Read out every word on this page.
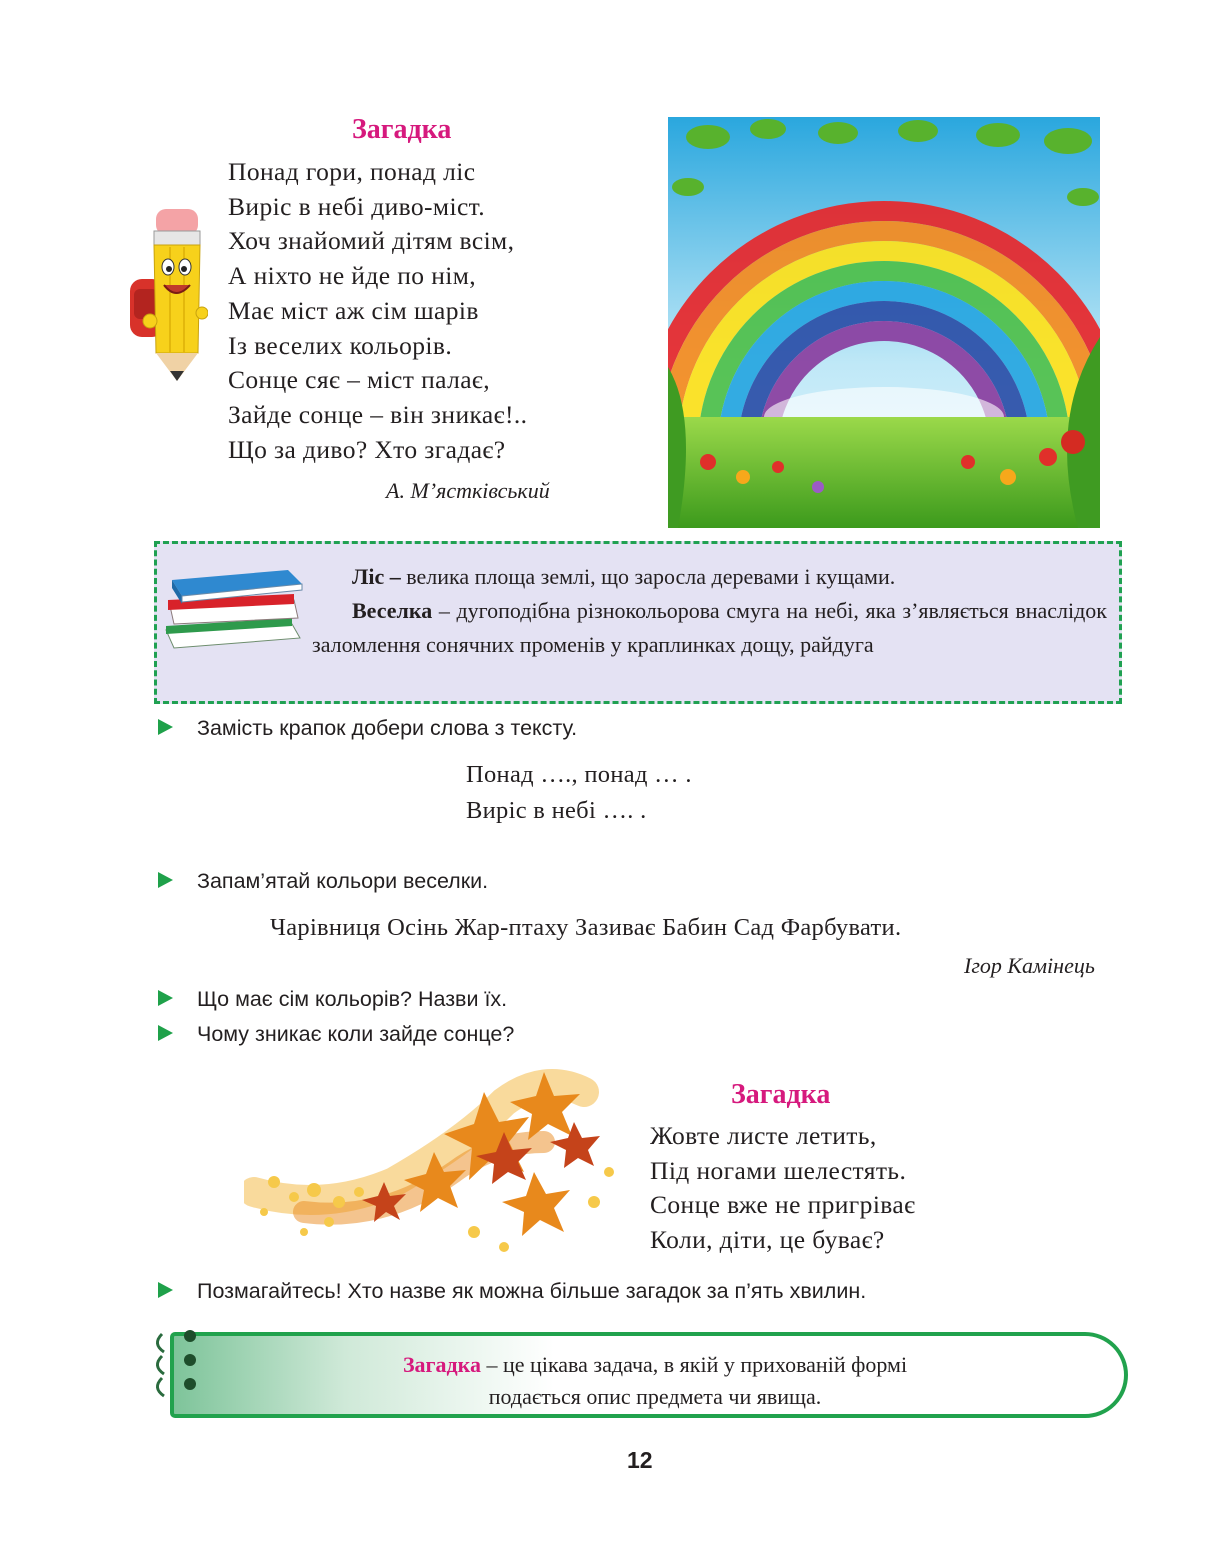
Загадка
Понад гори, понад ліс
Виріс в небі диво-міст.
Хоч знайомий дітям всім,
А ніхто не йде по нім,
Має міст аж сім шарів
Із веселих кольорів.
Сонце сяє – міст палає,
Зайде сонце – він зникає!..
Що за диво? Хто згадає?
А. М’ястківський
Ліс – велика площа землі, що заросла деревами і кущами.
Веселка – дугоподібна різнокольорова смуга на небі, яка з’являється внаслідок заломлення сонячних променів у краплинках дощу, райдуга
Замість крапок добери слова з тексту.
Понад …., понад … .
Виріс в небі …. .
Запам’ятай кольори веселки.
Чарівниця Осінь Жар-птаху Зазиває Бабин Сад Фарбувати.
Ігор Камінець
Що має сім кольорів? Назви їх.
Чому зникає коли зайде сонце?
Загадка
Жовте листе летить,
Під ногами шелестять.
Сонце вже не пригріває
Коли, діти, це буває?
Позмагайтесь! Хто назве як можна більше загадок за п’ять хвилин.
Загадка – це цікава задача, в якій у прихованій формі
подається опис предмета чи явища.
12
